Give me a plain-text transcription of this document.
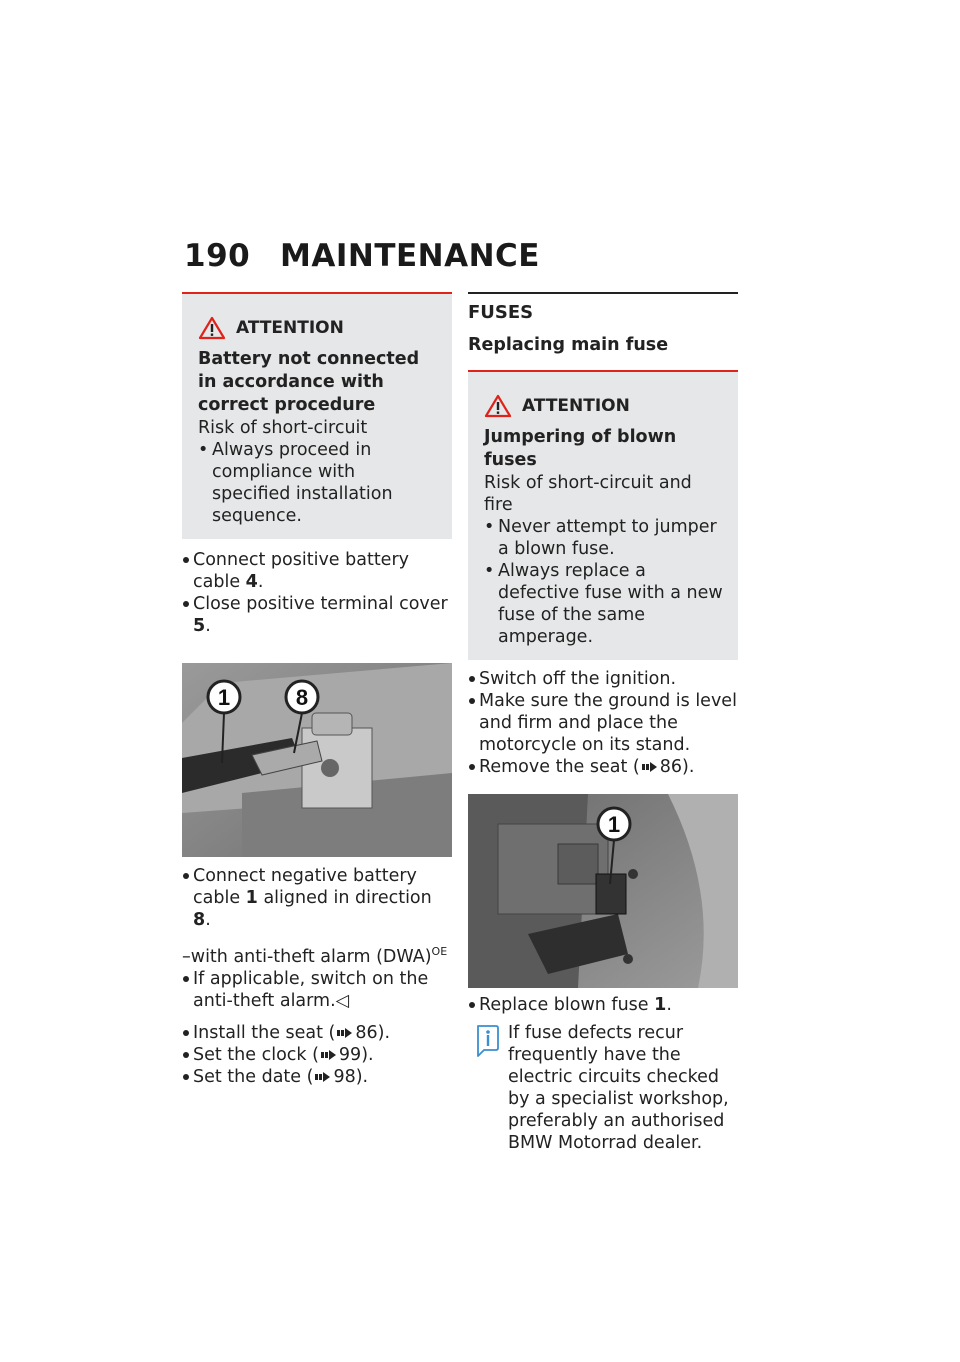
190 MAINTENANCE
ATTENTION
Battery not connected in accordance with correct procedure

Risk of short-circuit

• Always proceed in compliance with specified installation sequence.

Connect positive battery cable 4.
Close positive terminal cover 5.
1	8
Connect negative battery cable 1 aligned in direction 8.
–with anti-theft alarm (DWA)$^{OE}$
If applicable, switch on the anti-theft alarm.◁
Install the seat ( 86).
Set the clock ( 99).
Set the date ( 98).
FUSES
Replacing main fuse
ATTENTION
Jumpering of blown fuses

Risk of short-circuit and fire

• Never attempt to jumper a blown fuse.

• Always replace a defective fuse with a new fuse of the same amperage.

Switch off the ignition.
Make sure the ground is level and firm and place the motorcycle on its stand.
Remove the seat ( 86).
1
Replace blown fuse 1.

If fuse defects recur frequently have the electric circuits checked by a specialist workshop, preferably an authorised BMW Motorrad dealer.
